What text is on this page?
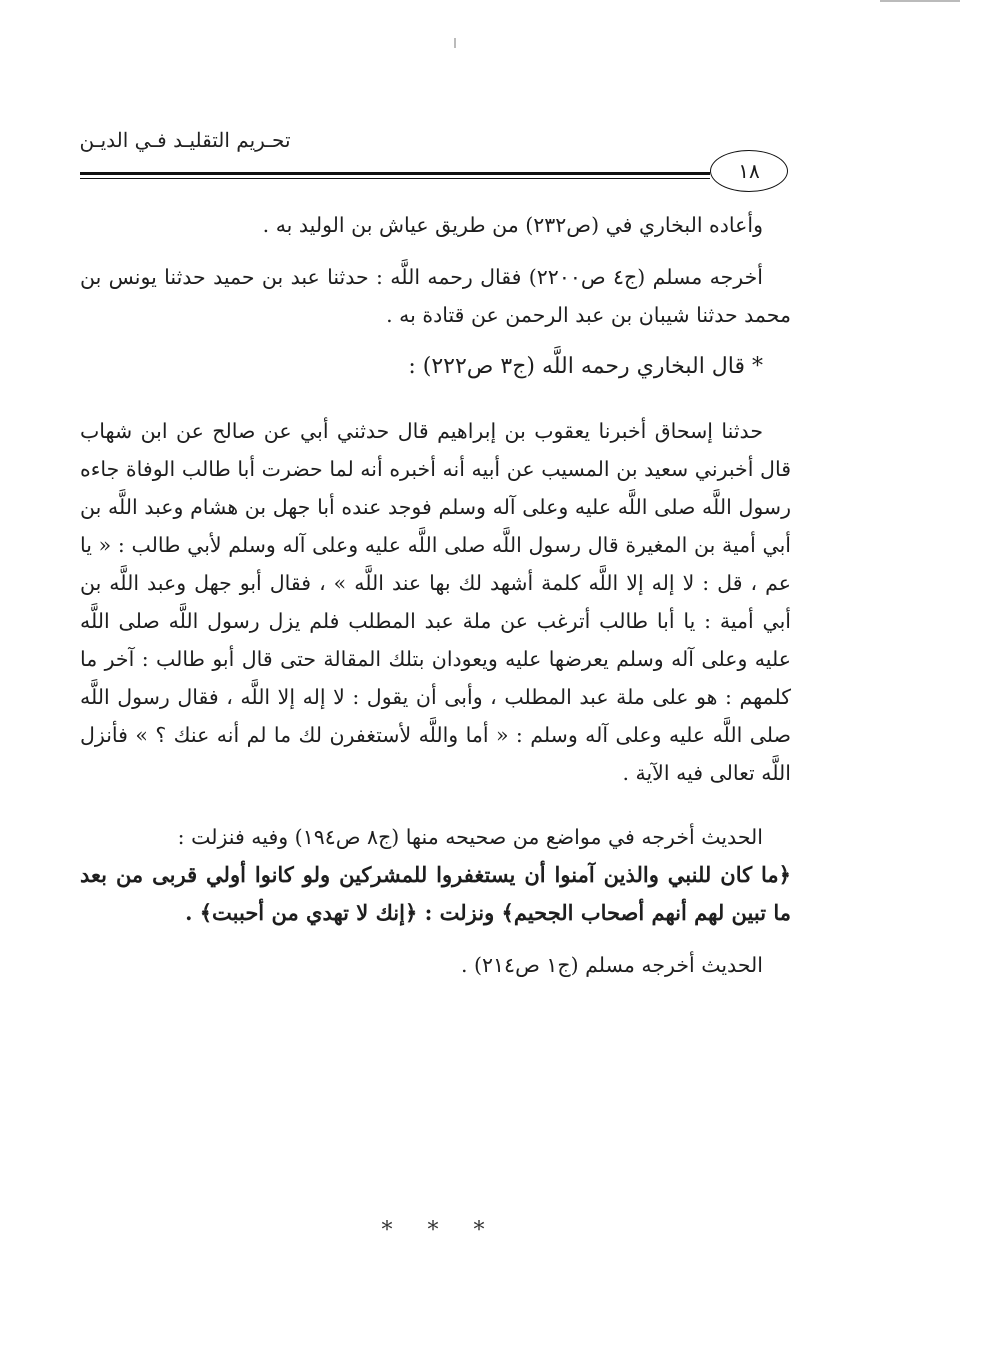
تحـريم التقليـد فـي الديـن
١٨

وأعاده البخاري في (ص٢٣٢) من طريق عياش بن الوليد به .

أخرجه مسلم (ج٤ ص٢٢٠٠) فقال رحمه اللَّه : حدثنا عبد بن حميد حدثنا يونس بن محمد حدثنا شيبان بن عبد الرحمن عن قتادة به .

* قال البخاري رحمه اللَّه (ج٣ ص٢٢٢) :

حدثنا إسحاق أخبرنا يعقوب بن إبراهيم قال حدثني أبي عن صالح عن ابن شهاب قال أخبرني سعيد بن المسيب عن أبيه أنه أخبره أنه لما حضرت أبا طالب الوفاة جاءه رسول اللَّه صلى اللَّه عليه وعلى آله وسلم فوجد عنده أبا جهل بن هشام وعبد اللَّه بن أبي أمية بن المغيرة قال رسول اللَّه صلى اللَّه عليه وعلى آله وسلم لأبي طالب : « يا عم ، قل : لا إله إلا اللَّه كلمة أشهد لك بها عند اللَّه » ، فقال أبو جهل وعبد اللَّه بن أبي أمية : يا أبا طالب أترغب عن ملة عبد المطلب فلم يزل رسول اللَّه صلى اللَّه عليه وعلى آله وسلم يعرضها عليه ويعودان بتلك المقالة حتى قال أبو طالب : آخر ما كلمهم : هو على ملة عبد المطلب ، وأبى أن يقول : لا إله إلا اللَّه ، فقال رسول اللَّه صلى اللَّه عليه وعلى آله وسلم : « أما واللَّه لأستغفرن لك ما لم أنه عنك ؟ » فأنزل اللَّه تعالى فيه الآية .

الحديث أخرجه في مواضع من صحيحه منها (ج٨ ص١٩٤) وفيه فنزلت :

﴿ما كان للنبي والذين آمنوا أن يستغفروا للمشركين ولو كانوا أولي قربى من بعد ما تبين لهم أنهم أصحاب الجحيم﴾ ونزلت : ﴿إنك لا تهدي من أحببت﴾ .

الحديث أخرجه مسلم (ج١ ص٢١٤) .

* * *
